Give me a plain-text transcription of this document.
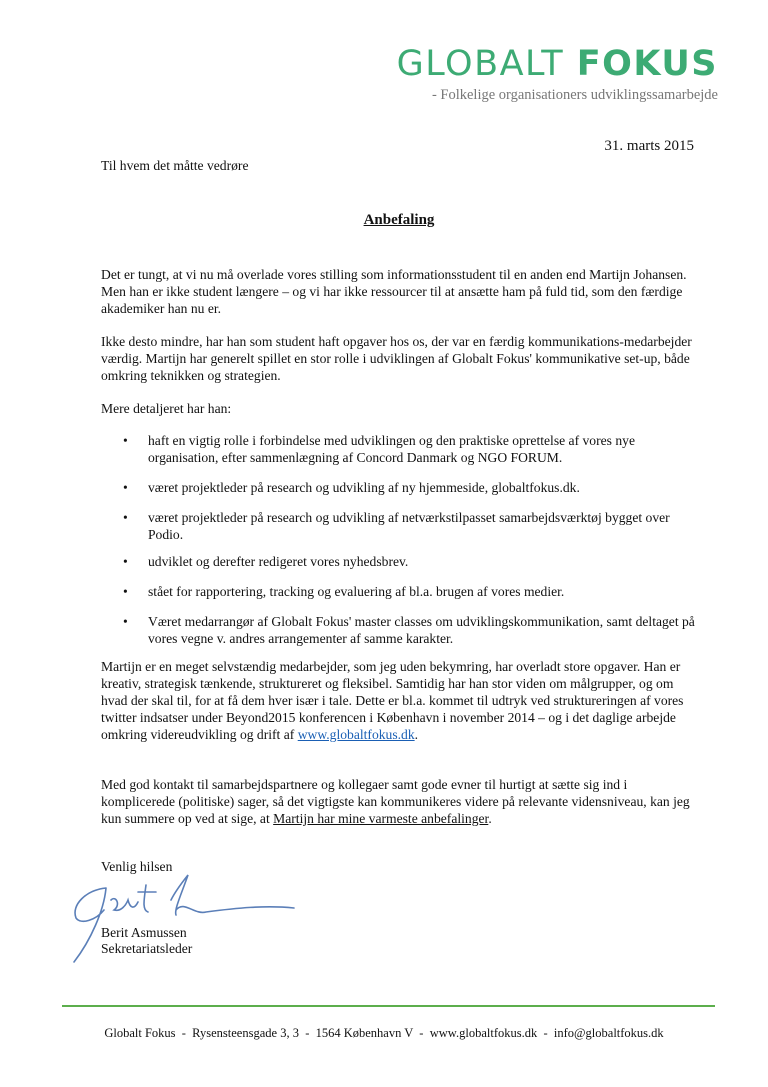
GLOBALT FOKUS
- Folkelige organisationers udviklingssamarbejde
31. marts 2015
Til hvem det måtte vedrøre
Anbefaling

Det er tungt, at vi nu må overlade vores stilling som informationsstudent til en anden end Martijn Johansen. Men han er ikke student længere – og vi har ikke ressourcer til at ansætte ham på fuld tid, som den færdige akademiker han nu er.

Ikke desto mindre, har han som student haft opgaver hos os, der var en færdig kommunikations-medarbejder værdig. Martijn har generelt spillet en stor rolle i udviklingen af Globalt Fokus' kommunikative set-up, både omkring teknikken og strategien.

Mere detaljeret har han:

• haft en vigtig rolle i forbindelse med udviklingen og den praktiske oprettelse af vores nye organisation, efter sammenlægning af Concord Danmark og NGO FORUM.
• været projektleder på research og udvikling af ny hjemmeside, globaltfokus.dk.
• været projektleder på research og udvikling af netværkstilpasset samarbejdsværktøj bygget over Podio.
• udviklet og derefter redigeret vores nyhedsbrev.
• stået for rapportering, tracking og evaluering af bl.a. brugen af vores medier.
• Været medarrangør af Globalt Fokus' master classes om udviklingskommunikation, samt deltaget på vores vegne v. andres arrangementer af samme karakter.

Martijn er en meget selvstændig medarbejder, som jeg uden bekymring, har overladt store opgaver. Han er kreativ, strategisk tænkende, struktureret og fleksibel. Samtidig har han stor viden om målgrupper, og om hvad der skal til, for at få dem hver især i tale. Dette er bl.a. kommet til udtryk ved struktureringen af vores twitter indsatser under Beyond2015 konferencen i København i november 2014 – og i det daglige arbejde omkring videreudvikling og drift af www.globaltfokus.dk.

Med god kontakt til samarbejdspartnere og kollegaer samt gode evner til hurtigt at sætte sig ind i komplicerede (politiske) sager, så det vigtigste kan kommunikeres videre på relevante vidensniveau, kan jeg kun summere op ved at sige, at Martijn har mine varmeste anbefalinger.

Venlig hilsen
Berit Asmussen
Sekretariatsleder
Globalt Fokus  -  Rysensteensgade 3, 3  -  1564 København V  -  www.globaltfokus.dk  -  info@globaltfokus.dk
